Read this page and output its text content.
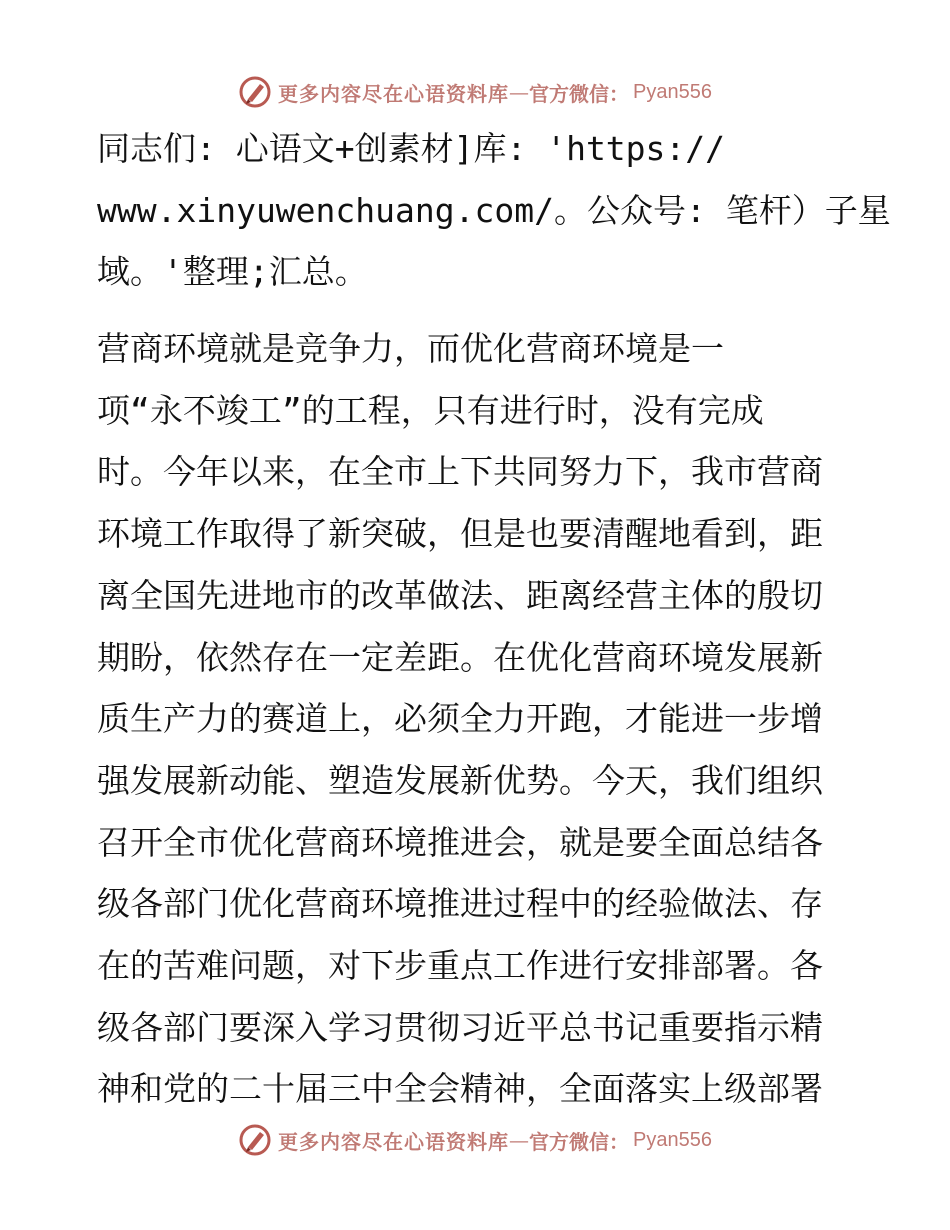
更多内容尽在心语资料库 — 官方微信： Pyan556
同志们: 心语文+创素材]库: 'https://
www.xinyuwenchuang.com/。公众号: 笔杆）子星
域。'整理;汇总。
营商环境就是竞争力，而优化营商环境是一
项“永不竣工”的工程，只有进行时，没有完成
时。今年以来，在全市上下共同努力下，我市营商
环境工作取得了新突破，但是也要清醒地看到，距
离全国先进地市的改革做法、距离经营主体的殷切
期盼，依然存在一定差距。在优化营商环境发展新
质生产力的赛道上，必须全力开跑，才能进一步增
强发展新动能、塑造发展新优势。今天，我们组织
召开全市优化营商环境推进会，就是要全面总结各
级各部门优化营商环境推进过程中的经验做法、存
在的苦难问题，对下步重点工作进行安排部署。各
级各部门要深入学习贯彻习近平总书记重要指示精
神和党的二十届三中全会精神，全面落实上级部署
更多内容尽在心语资料库 — 官方微信： Pyan556
